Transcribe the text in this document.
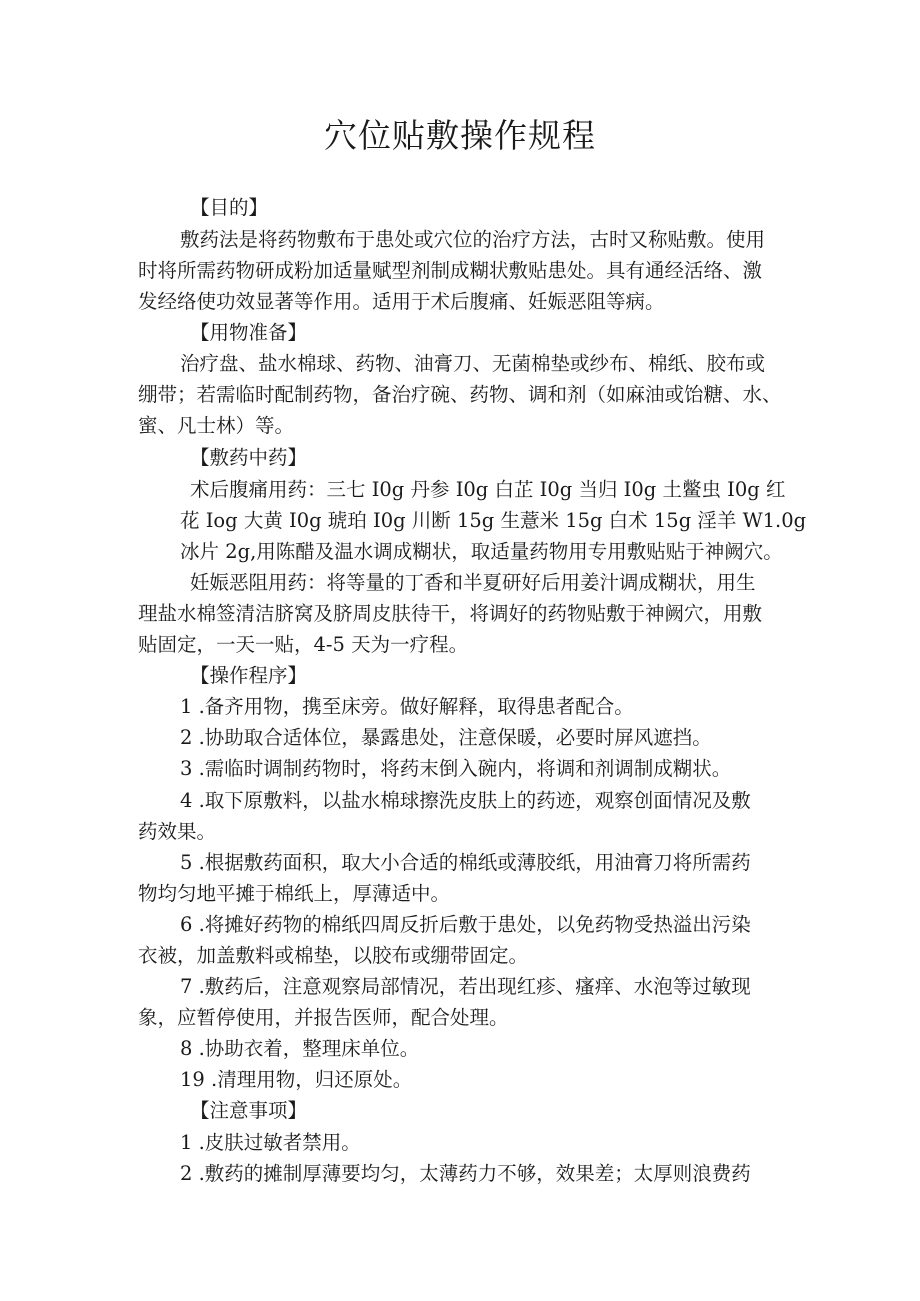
穴位贴敷操作规程
【目的】
敷药法是将药物敷布于患处或穴位的治疗方法，古时又称贴敷。使用
时将所需药物研成粉加适量赋型剂制成糊状敷贴患处。具有通经活络、激
发经络使功效显著等作用。适用于术后腹痛、妊娠恶阻等病。
【用物准备】
治疗盘、盐水棉球、药物、油膏刀、无菌棉垫或纱布、棉纸、胶布或
绷带；若需临时配制药物，备治疗碗、药物、调和剂（如麻油或饴糖、水、
蜜、凡士林）等。
【敷药中药】
术后腹痛用药：三七 I0g 丹参 I0g 白芷 I0g 当归 I0g 土鳖虫 I0g 红
花 Iog 大黄 I0g 琥珀 I0g 川断 15g 生薏米 15g 白术 15g 淫羊 W1.0g
冰片 2g,用陈醋及温水调成糊状，取适量药物用专用敷贴贴于神阙穴。
妊娠恶阻用药：将等量的丁香和半夏研好后用姜汁调成糊状，用生
理盐水棉签清洁脐窝及脐周皮肤待干，将调好的药物贴敷于神阙穴，用敷
贴固定，一天一贴，4-5 天为一疗程。
【操作程序】
1 .备齐用物，携至床旁。做好解释，取得患者配合。
2 .协助取合适体位，暴露患处，注意保暖，必要时屏风遮挡。
3 .需临时调制药物时，将药末倒入碗内，将调和剂调制成糊状。
4 .取下原敷料，以盐水棉球擦洗皮肤上的药迹，观察创面情况及敷
药效果。
5 .根据敷药面积，取大小合适的棉纸或薄胶纸，用油膏刀将所需药
物均匀地平摊于棉纸上，厚薄适中。
6 .将摊好药物的棉纸四周反折后敷于患处，以免药物受热溢出污染
衣被，加盖敷料或棉垫，以胶布或绷带固定。
7 .敷药后，注意观察局部情况，若出现红疹、瘙痒、水泡等过敏现
象，应暂停使用，并报告医师，配合处理。
8 .协助衣着，整理床单位。
19 .清理用物，归还原处。
【注意事项】
1 .皮肤过敏者禁用。
2 .敷药的摊制厚薄要均匀，太薄药力不够，效果差；太厚则浪费药
